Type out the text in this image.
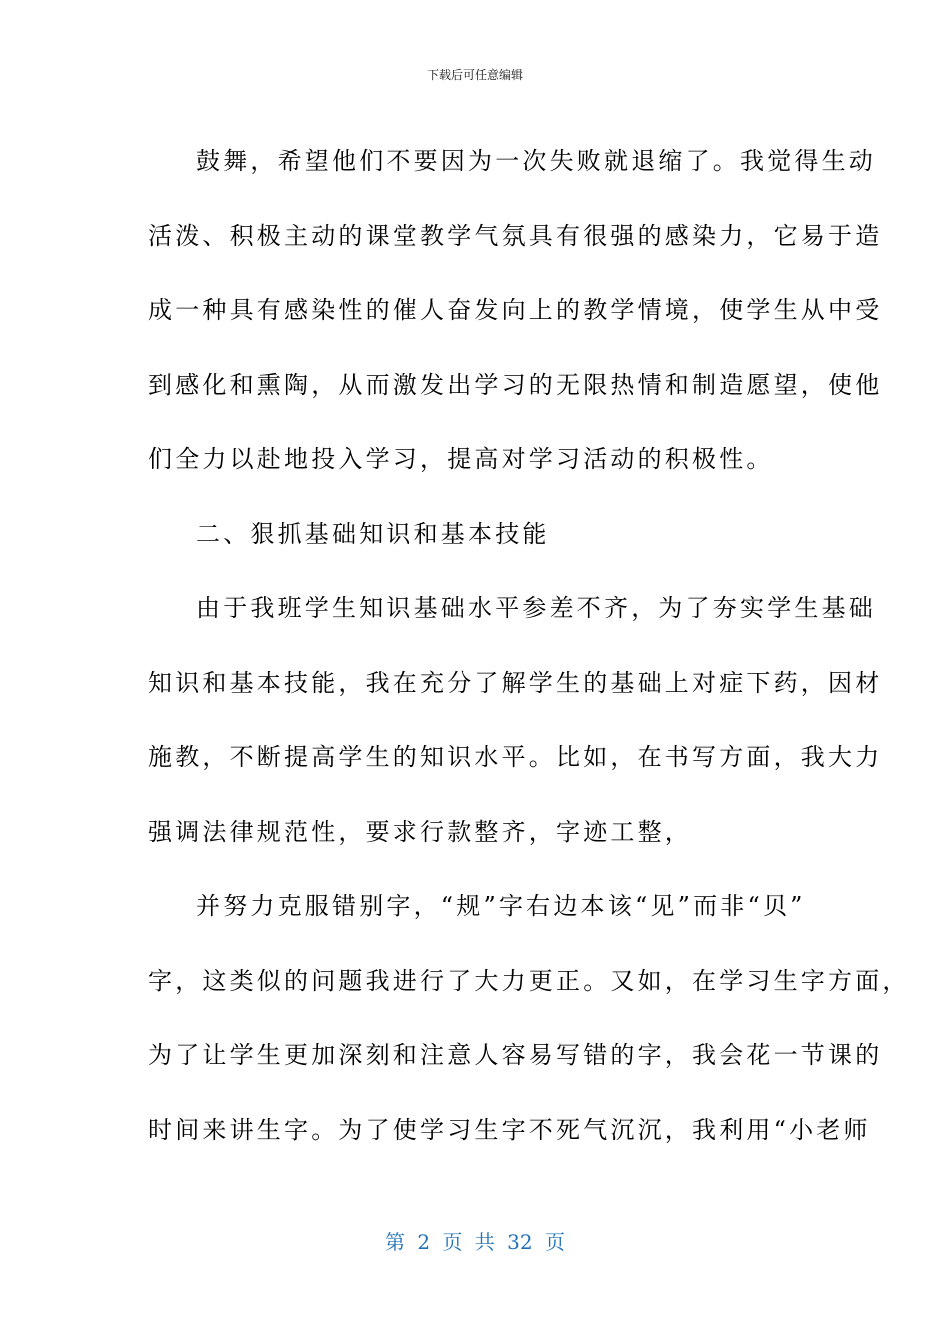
下载后可任意编辑

鼓舞，希望他们不要因为一次失败就退缩了。我觉得生动
活泼、积极主动的课堂教学气氛具有很强的感染力，它易于造
成一种具有感染性的催人奋发向上的教学情境，使学生从中受
到感化和熏陶，从而激发出学习的无限热情和制造愿望，使他
们全力以赴地投入学习，提高对学习活动的积极性。

二、狠抓基础知识和基本技能

由于我班学生知识基础水平参差不齐，为了夯实学生基础
知识和基本技能，我在充分了解学生的基础上对症下药，因材
施教，不断提高学生的知识水平。比如，在书写方面，我大力
强调法律规范性，要求行款整齐，字迹工整，

并努力克服错别字，“规”字右边本该“见”而非“贝”
字，这类似的问题我进行了大力更正。又如，在学习生字方面，
为了让学生更加深刻和注意人容易写错的字，我会花一节课的
时间来讲生字。为了使学习生字不死气沉沉，我利用“小老师

第 2 页 共 32 页
